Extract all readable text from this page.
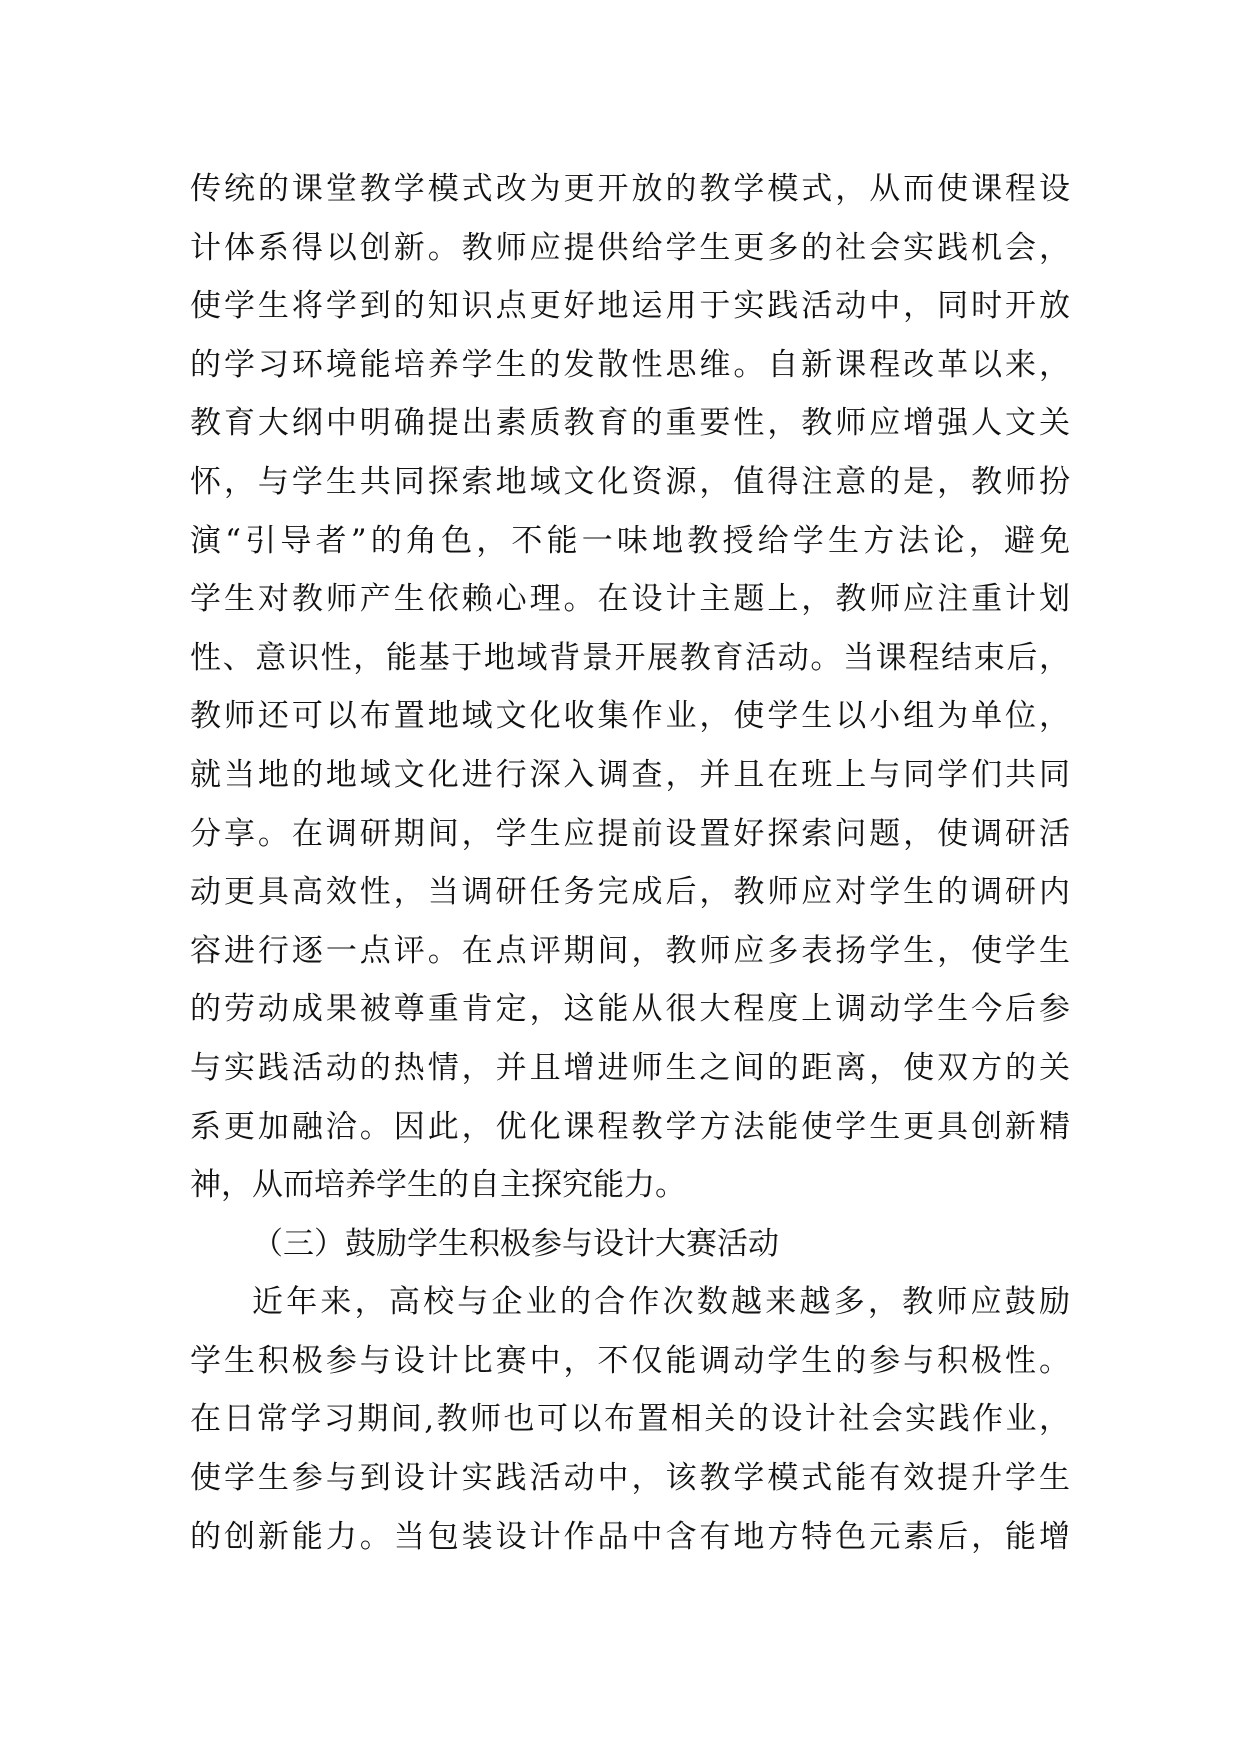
传统的课堂教学模式改为更开放的教学模式，从而使课程设
计体系得以创新。教师应提供给学生更多的社会实践机会，
使学生将学到的知识点更好地运用于实践活动中，同时开放
的学习环境能培养学生的发散性思维。自新课程改革以来，
教育大纲中明确提出素质教育的重要性，教师应增强人文关
怀，与学生共同探索地域文化资源，值得注意的是，教师扮
演“引导者”的角色，不能一味地教授给学生方法论，避免
学生对教师产生依赖心理。在设计主题上，教师应注重计划
性、意识性，能基于地域背景开展教育活动。当课程结束后，
教师还可以布置地域文化收集作业，使学生以小组为单位，
就当地的地域文化进行深入调查，并且在班上与同学们共同
分享。在调研期间，学生应提前设置好探索问题，使调研活
动更具高效性，当调研任务完成后，教师应对学生的调研内
容进行逐一点评。在点评期间，教师应多表扬学生，使学生
的劳动成果被尊重肯定，这能从很大程度上调动学生今后参
与实践活动的热情，并且增进师生之间的距离，使双方的关
系更加融洽。因此，优化课程教学方法能使学生更具创新精
神，从而培养学生的自主探究能力。
（三）鼓励学生积极参与设计大赛活动
近年来，高校与企业的合作次数越来越多，教师应鼓励
学生积极参与设计比赛中，不仅能调动学生的参与积极性。
在日常学习期间,教师也可以布置相关的设计社会实践作业，
使学生参与到设计实践活动中，该教学模式能有效提升学生
的创新能力。当包装设计作品中含有地方特色元素后，能增
